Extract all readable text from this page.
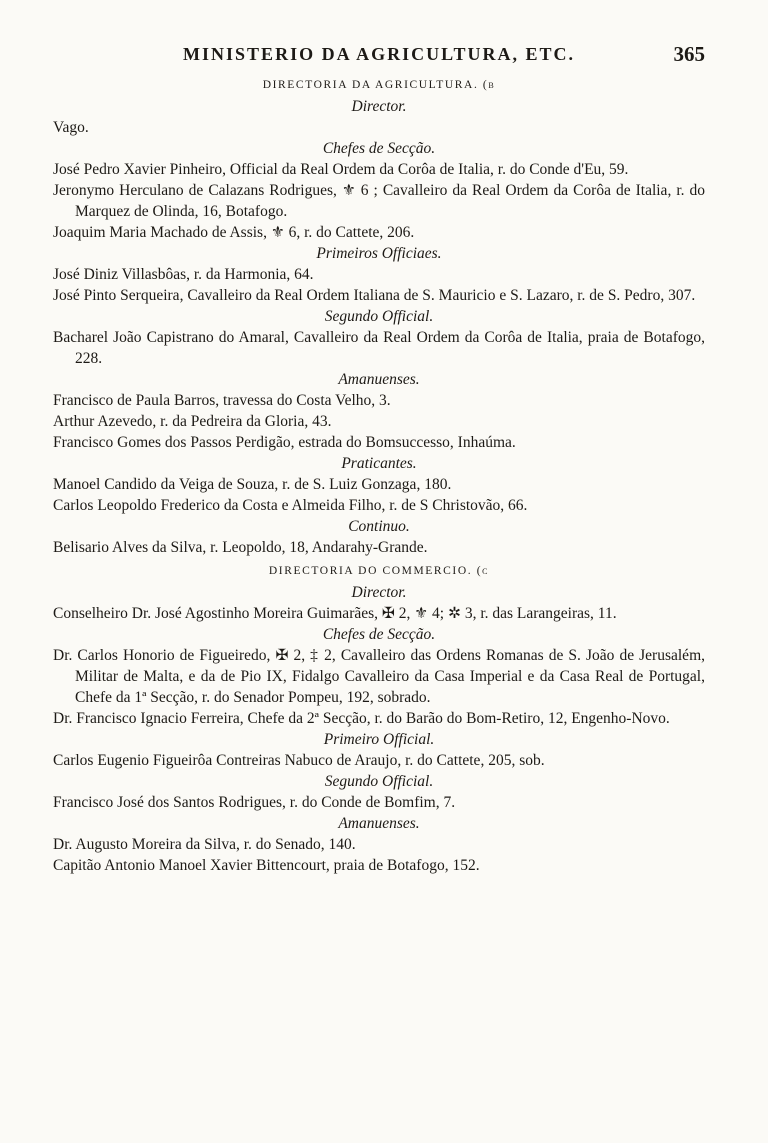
MINISTERIO DA AGRICULTURA, ETC.	365
DIRECTORIA DA AGRICULTURA. (b
Director.
Vago.
Chefes de Secção.
José Pedro Xavier Pinheiro, Official da Real Ordem da Corôa de Italia, r. do Conde d'Eu, 59.
Jeronymo Herculano de Calazans Rodrigues, ⚜ 6 ; Cavalleiro da Real Ordem da Corôa de Italia, r. do Marquez de Olinda, 16, Botafogo.
Joaquim Maria Machado de Assis, ⚜ 6, r. do Cattete, 206.
Primeiros Officiaes.
José Diniz Villasbôas, r. da Harmonia, 64.
José Pinto Serqueira, Cavalleiro da Real Ordem Italiana de S. Mauricio e S. Lazaro, r. de S. Pedro, 307.
Segundo Official.
Bacharel João Capistrano do Amaral, Cavalleiro da Real Ordem da Corôa de Italia, praia de Botafogo, 228.
Amanuenses.
Francisco de Paula Barros, travessa do Costa Velho, 3.
Arthur Azevedo, r. da Pedreira da Gloria, 43.
Francisco Gomes dos Passos Perdigão, estrada do Bomsuccesso, Inhaúma.
Praticantes.
Manoel Candido da Veiga de Souza, r. de S. Luiz Gonzaga, 180.
Carlos Leopoldo Frederico da Costa e Almeida Filho, r. de S Christovão, 66.
Continuo.
Belisario Alves da Silva, r. Leopoldo, 18, Andarahy-Grande.
DIRECTORIA DO COMMERCIO. (c
Director.
Conselheiro Dr. José Agostinho Moreira Guimarães, ✠ 2, ⚜ 4; ✲ 3, r. das Larangeiras, 11.
Chefes de Secção.
Dr. Carlos Honorio de Figueiredo, ✠ 2, ‡ 2, Cavalleiro das Ordens Romanas de S. João de Jerusalém, Militar de Malta, e da de Pio IX, Fidalgo Cavalleiro da Casa Imperial e da Casa Real de Portugal, Chefe da 1ª Secção, r. do Senador Pompeu, 192, sobrado.
Dr. Francisco Ignacio Ferreira, Chefe da 2ª Secção, r. do Barão do Bom-Retiro, 12, Engenho-Novo.
Primeiro Official.
Carlos Eugenio Figueirôa Contreiras Nabuco de Araujo, r. do Cattete, 205, sob.
Segundo Official.
Francisco José dos Santos Rodrigues, r. do Conde de Bomfim, 7.
Amanuenses.
Dr. Augusto Moreira da Silva, r. do Senado, 140.
Capitão Antonio Manoel Xavier Bittencourt, praia de Botafogo, 152.
